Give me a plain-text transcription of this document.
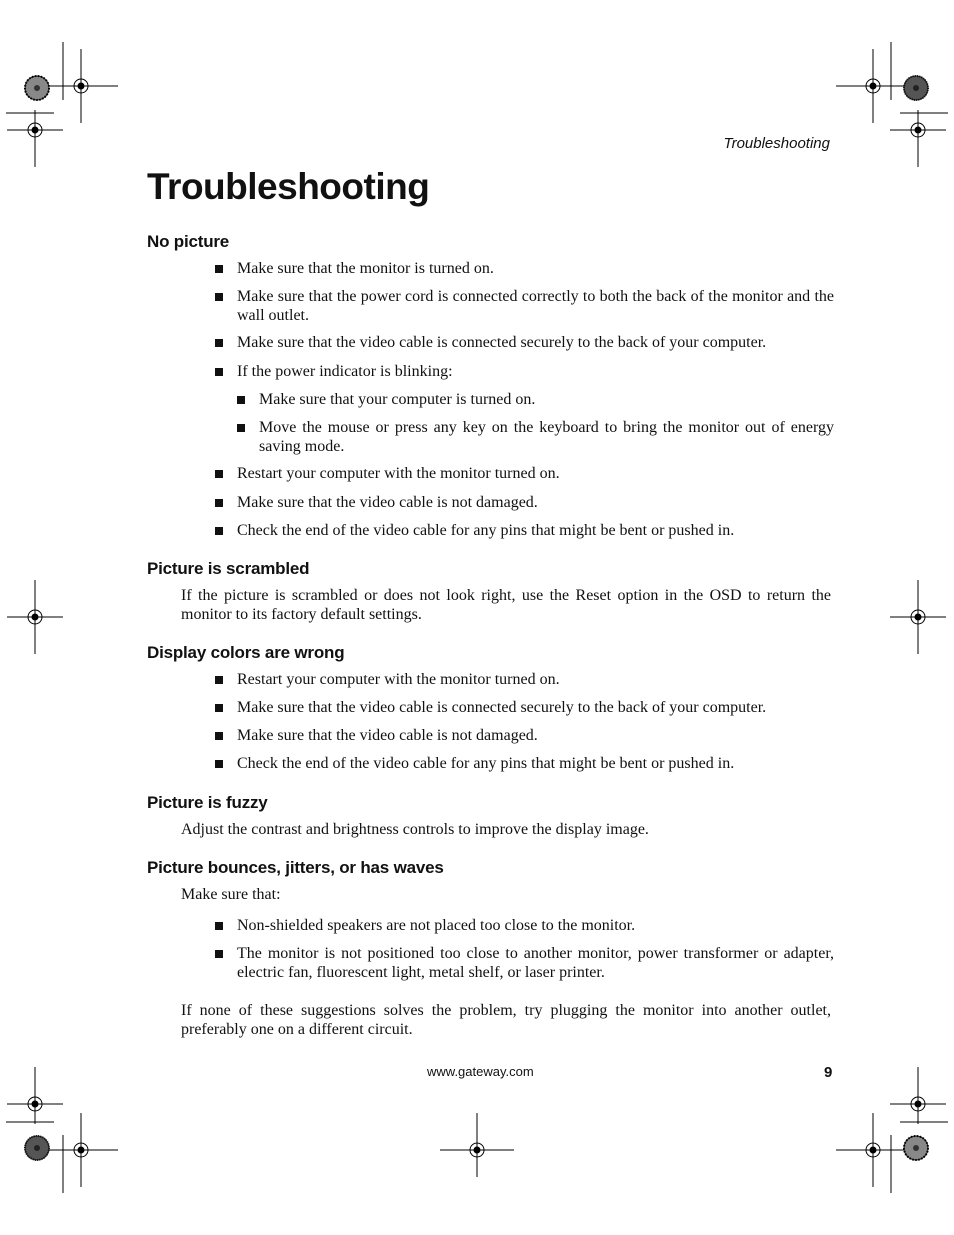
Troubleshooting
Troubleshooting
No picture
Make sure that the monitor is turned on.
Make sure that the power cord is connected correctly to both the back of the monitor and the wall outlet.
Make sure that the video cable is connected securely to the back of your computer.
If the power indicator is blinking:
Make sure that your computer is turned on.
Move the mouse or press any key on the keyboard to bring the monitor out of energy saving mode.
Restart your computer with the monitor turned on.
Make sure that the video cable is not damaged.
Check the end of the video cable for any pins that might be bent or pushed in.
Picture is scrambled
If the picture is scrambled or does not look right, use the Reset option in the OSD to return the monitor to its factory default settings.
Display colors are wrong
Restart your computer with the monitor turned on.
Make sure that the video cable is connected securely to the back of your computer.
Make sure that the video cable is not damaged.
Check the end of the video cable for any pins that might be bent or pushed in.
Picture is fuzzy
Adjust the contrast and brightness controls to improve the display image.
Picture bounces, jitters, or has waves
Make sure that:
Non-shielded speakers are not placed too close to the monitor.
The monitor is not positioned too close to another monitor, power transformer or adapter, electric fan, fluorescent light, metal shelf, or laser printer.
If none of these suggestions solves the problem, try plugging the monitor into another outlet, preferably one on a different circuit.
www.gateway.com	9
